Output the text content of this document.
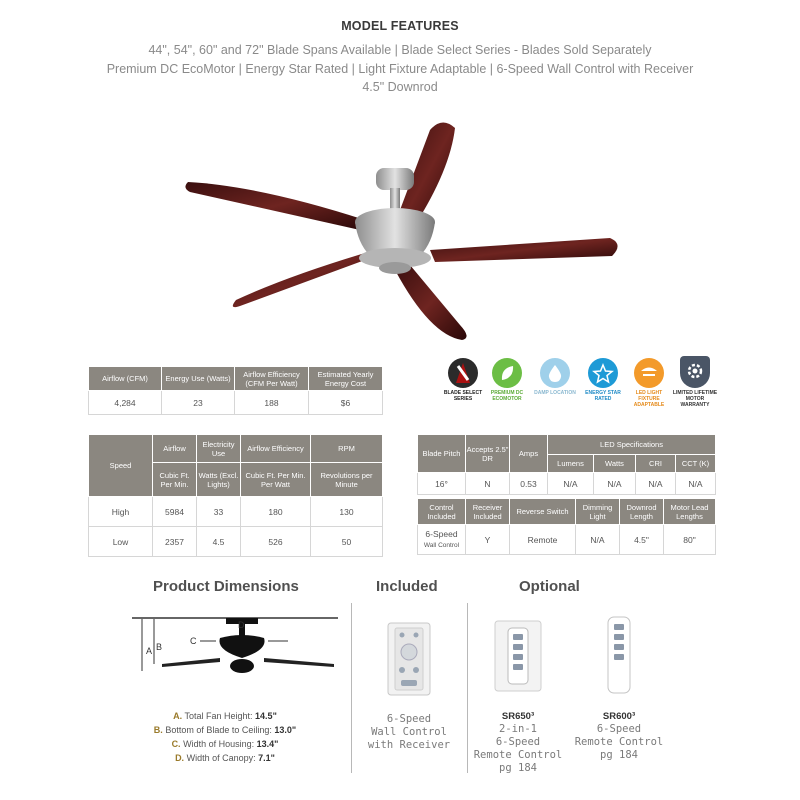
MODEL FEATURES
44", 54", 60" and 72" Blade Spans Available | Blade Select Series - Blades Sold Separately
Premium DC EcoMotor | Energy Star Rated | Light Fixture Adaptable | 6-Speed Wall Control with Receiver
4.5" Downrod
Airflow (CFM)	Energy Use (Watts)	Airflow Efficiency (CFM Per Watt)	Estimated Yearly Energy Cost
4,284	23	188	$6
BLADE SELECT SERIES
PREMIUM DC ECOMOTOR
DAMP LOCATION	ENERGY STAR RATED
LED LIGHT FIXTURE ADAPTABLE
LIMITED LIFETIME MOTOR WARRANTY
Speed	Airflow	Electricity Use	Airflow Efficiency	RPM
	Cubic Ft. Per Min.	Watts (Excl. Lights)	Cubic Ft. Per Min. Per Watt	Revolutions per Minute
High	5984	33	180	130
Low	2357	4.5	526	50
Blade Pitch	Accepts 2.5" DR	Amps	LED Specifications			
			Lumens	Watts	CRI	CCT (K)
16°	N	0.53	N/A	N/A	N/A	N/A
Control Included	Receiver Included	Reverse Switch	Dimming Light	Downrod Length	Motor Lead Lengths
6-Speed
Wall Control	Y	Remote	N/A	4.5"	80"
Product Dimensions	Included	Optional
A B
C
D
A. Total Fan Height: 14.5"
B. Bottom of Blade to Ceiling: 13.0"
C. Width of Housing: 13.4"
D. Width of Canopy: 7.1"
6-Speed
Wall Control
with Receiver
SR650³
2-in-1
6-Speed
Remote Control
pg 184
SR600³
6-Speed
Remote Control
pg 184
